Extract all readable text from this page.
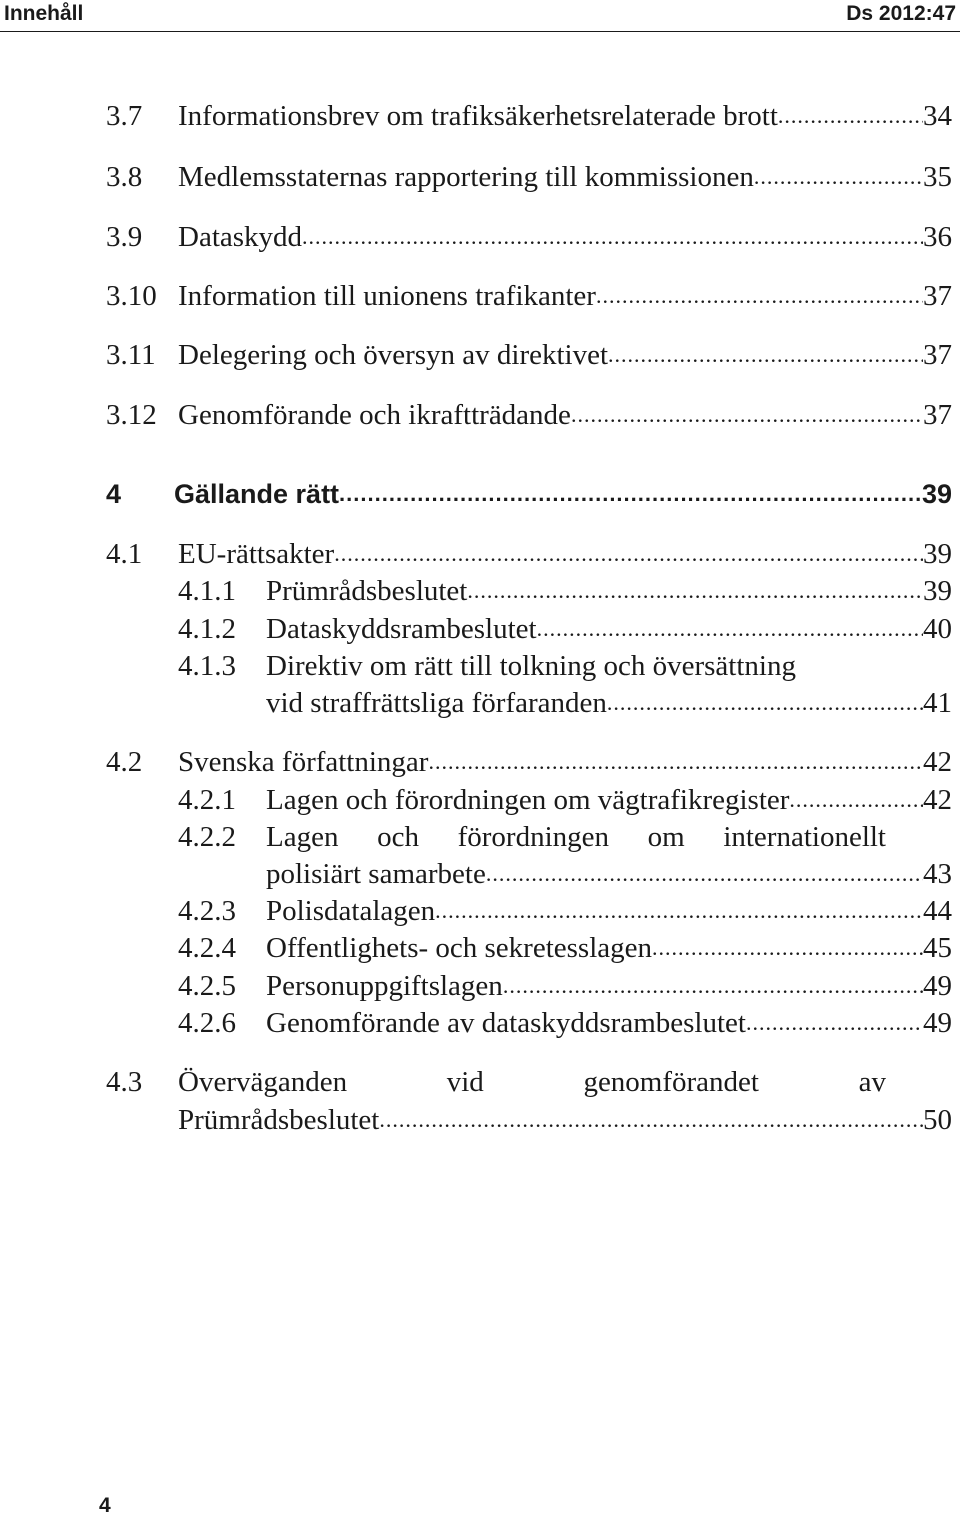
Innehåll	Ds 2012:47
3.7 Informationsbrev om trafiksäkerhetsrelaterade brott .....	34
3.8 Medlemsstaternas rapportering till kommissionen .....	35
3.9 Dataskydd .....	36
3.10 Information till unionens trafikanter .....	37
3.11 Delegering och översyn av direktivet .....	37
3.12 Genomförande och ikraftträdande .....	37
4 Gällande rätt .....	39
4.1 EU-rättsakter .....	39
4.1.1 Prümrådsbeslutet .....	39
4.1.2 Dataskyddsrambeslutet .....	40
4.1.3 Direktiv om rätt till tolkning och översättning
vid straffrättsliga förfaranden .....	41
4.2 Svenska författningar .....	42
4.2.1 Lagen och förordningen om vägtrafikregister .....	42
4.2.2 Lagen och förordningen om internationellt
polisiärt samarbete .....	43
4.2.3 Polisdatalagen .....	44
4.2.4 Offentlighets- och sekretesslagen .....	45
4.2.5 Personuppgiftslagen .....	49
4.2.6 Genomförande av dataskyddsrambeslutet .....	49
4.3 Överväganden	vid	genomförandet	av
Prümrådsbeslutet .....	50
4
